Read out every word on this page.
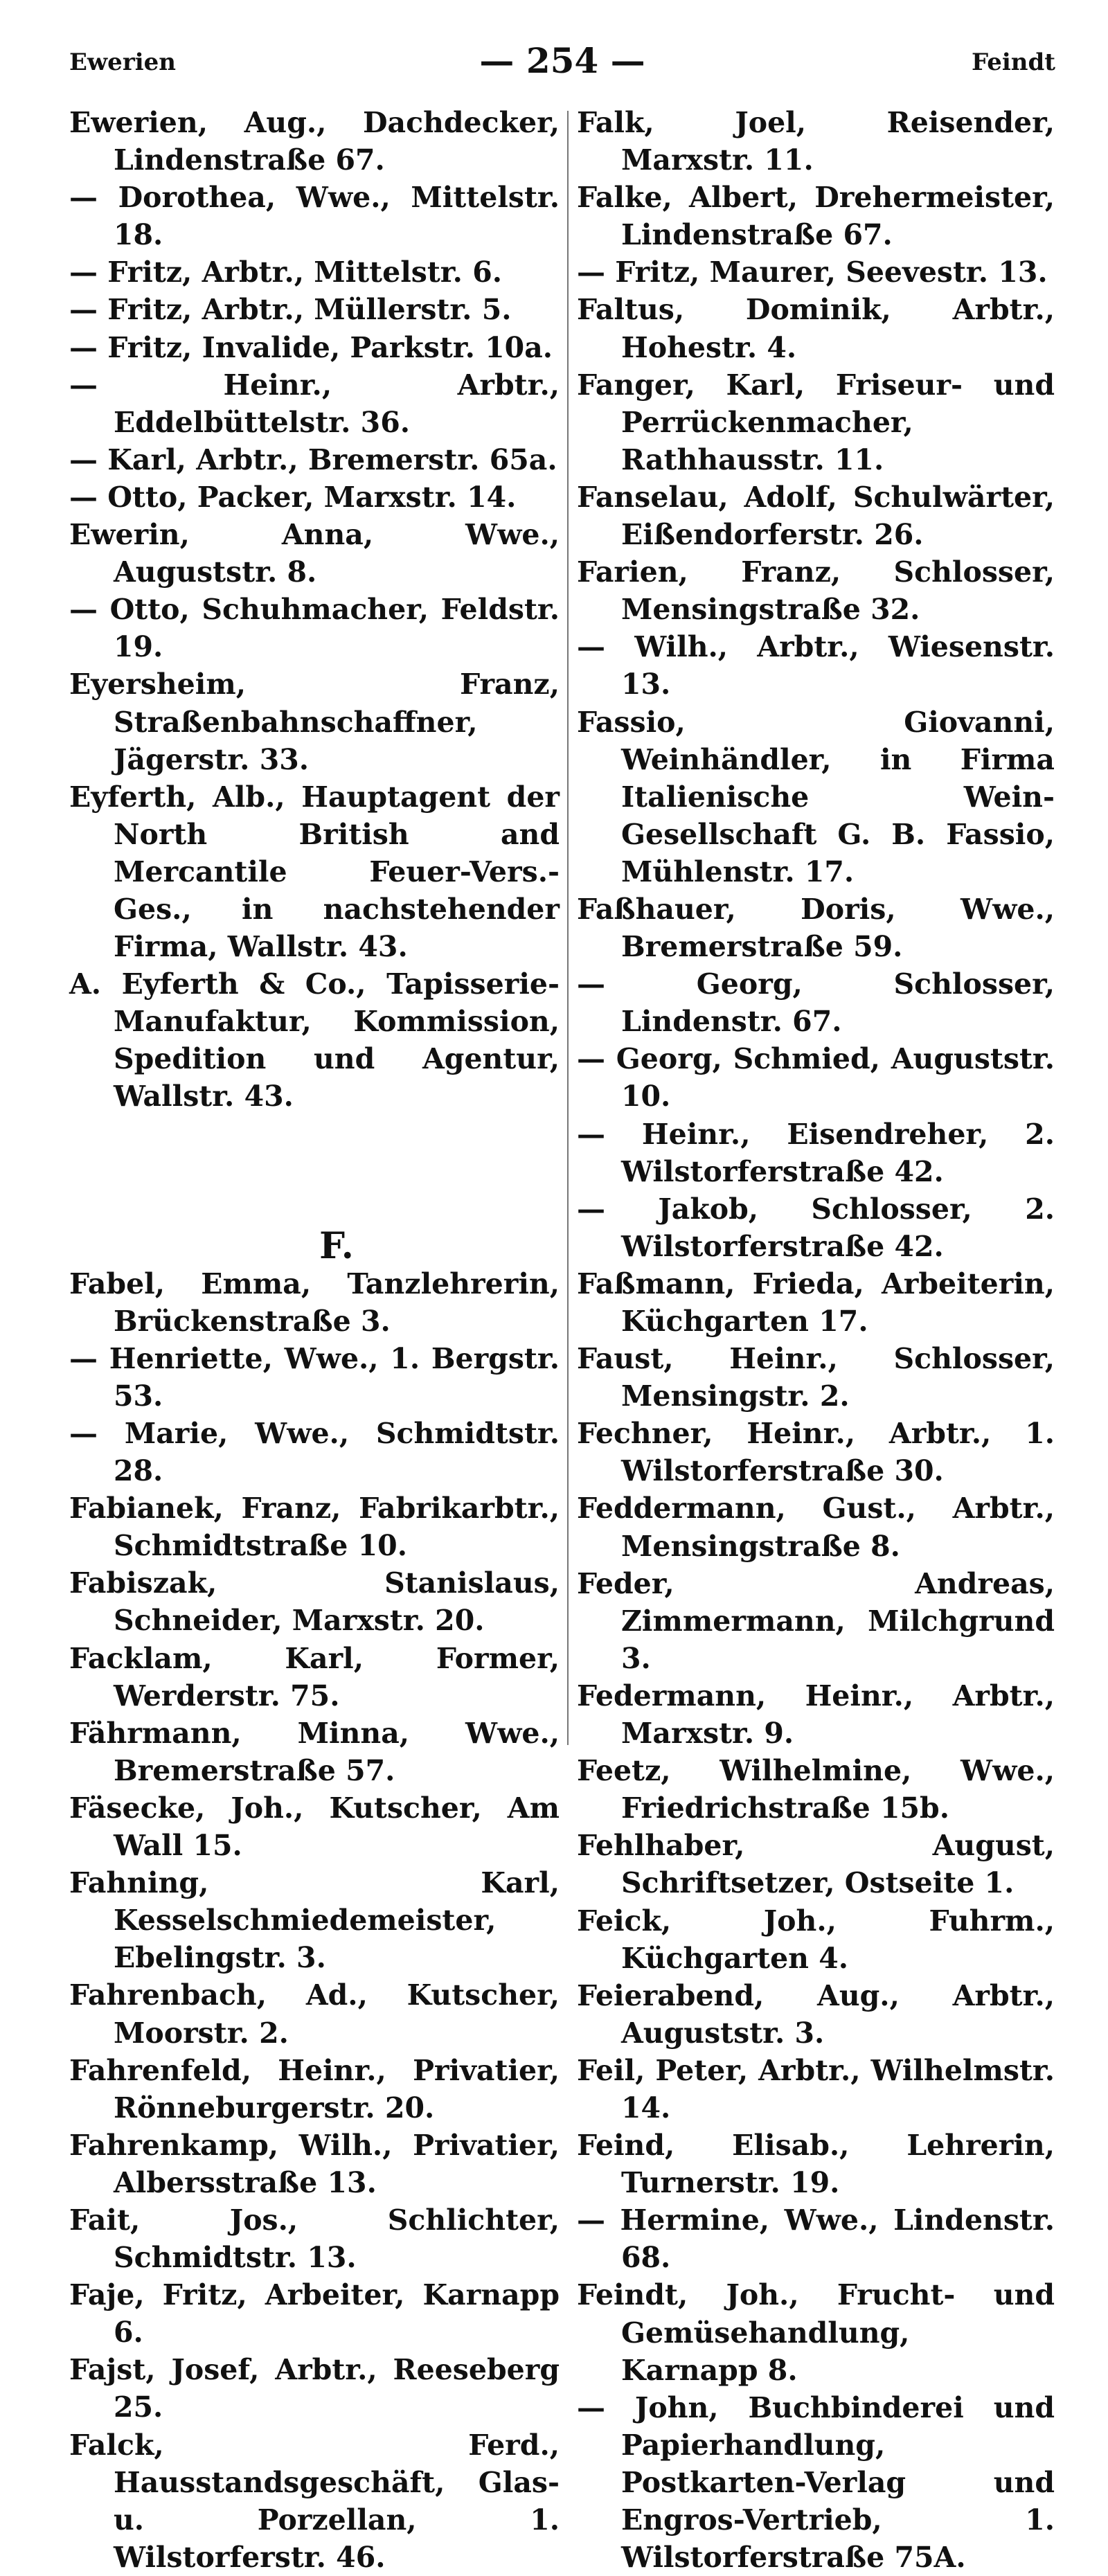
Ewerien	— 254 —	Feindt
Ewerien, Aug., Dachdecker, Lindenstraße 67.
— Dorothea, Wwe., Mittelstr. 18.
— Fritz, Arbtr., Mittelstr. 6.
— Fritz, Arbtr., Müllerstr. 5.
— Fritz, Invalide, Parkstr. 10a.
— Heinr., Arbtr., Eddelbüttelstr. 36.
— Karl, Arbtr., Bremerstr. 65a.
— Otto, Packer, Marxstr. 14.
Ewerin, Anna, Wwe., Auguststr. 8.
— Otto, Schuhmacher, Feldstr. 19.
Eyersheim, Franz, Straßenbahnschaffner, Jägerstr. 33.
Eyferth, Alb., Hauptagent der North British and Mercantile Feuer-Vers.-Ges., in nachstehender Firma, Wallstr. 43.
A. Eyferth & Co., Tapisserie-Manufaktur, Kommission, Spedition und Agentur, Wallstr. 43.
F.
Fabel, Emma, Tanzlehrerin, Brückenstraße 3.
— Henriette, Wwe., 1. Bergstr. 53.
— Marie, Wwe., Schmidtstr. 28.
Fabianek, Franz, Fabrikarbtr., Schmidtstraße 10.
Fabiszak, Stanislaus, Schneider, Marxstr. 20.
Facklam, Karl, Former, Werderstr. 75.
Fährmann, Minna, Wwe., Bremerstraße 57.
Fäsecke, Joh., Kutscher, Am Wall 15.
Fahning, Karl, Kesselschmiedemeister, Ebelingstr. 3.
Fahrenbach, Ad., Kutscher, Moorstr. 2.
Fahrenfeld, Heinr., Privatier, Rönneburgerstr. 20.
Fahrenkamp, Wilh., Privatier, Albersstraße 13.
Fait, Jos., Schlichter, Schmidtstr. 13.
Faje, Fritz, Arbeiter, Karnapp 6.
Fajst, Josef, Arbtr., Reeseberg 25.
Falck, Ferd., Hausstandsgeschäft, Glas- u. Porzellan, 1. Wilstorferstr. 46.
Falk, Joel, Reisender, Marxstr. 11.
Falke, Albert, Drehermeister, Lindenstraße 67.
— Fritz, Maurer, Seevestr. 13.
Faltus, Dominik, Arbtr., Hohestr. 4.
Fanger, Karl, Friseur- und Perrückenmacher, Rathhausstr. 11.
Fanselau, Adolf, Schulwärter, Eißendorferstr. 26.
Farien, Franz, Schlosser, Mensingstraße 32.
— Wilh., Arbtr., Wiesenstr. 13.
Fassio, Giovanni, Weinhändler, in Firma Italienische Wein-Gesellschaft G. B. Fassio, Mühlenstr. 17.
Faßhauer, Doris, Wwe., Bremerstraße 59.
— Georg, Schlosser, Lindenstr. 67.
— Georg, Schmied, Auguststr. 10.
— Heinr., Eisendreher, 2. Wilstorferstraße 42.
— Jakob, Schlosser, 2. Wilstorferstraße 42.
Faßmann, Frieda, Arbeiterin, Küchgarten 17.
Faust, Heinr., Schlosser, Mensingstr. 2.
Fechner, Heinr., Arbtr., 1. Wilstorferstraße 30.
Feddermann, Gust., Arbtr., Mensingstraße 8.
Feder, Andreas, Zimmermann, Milchgrund 3.
Federmann, Heinr., Arbtr., Marxstr. 9.
Feetz, Wilhelmine, Wwe., Friedrichstraße 15b.
Fehlhaber, August, Schriftsetzer, Ostseite 1.
Feick, Joh., Fuhrm., Küchgarten 4.
Feierabend, Aug., Arbtr., Auguststr. 3.
Feil, Peter, Arbtr., Wilhelmstr. 14.
Feind, Elisab., Lehrerin, Turnerstr. 19.
— Hermine, Wwe., Lindenstr. 68.
Feindt, Joh., Frucht- und Gemüsehandlung, Karnapp 8.
— John, Buchbinderei und Papierhandlung, Postkarten-Verlag und Engros-Vertrieb, 1. Wilstorferstraße 75A.
